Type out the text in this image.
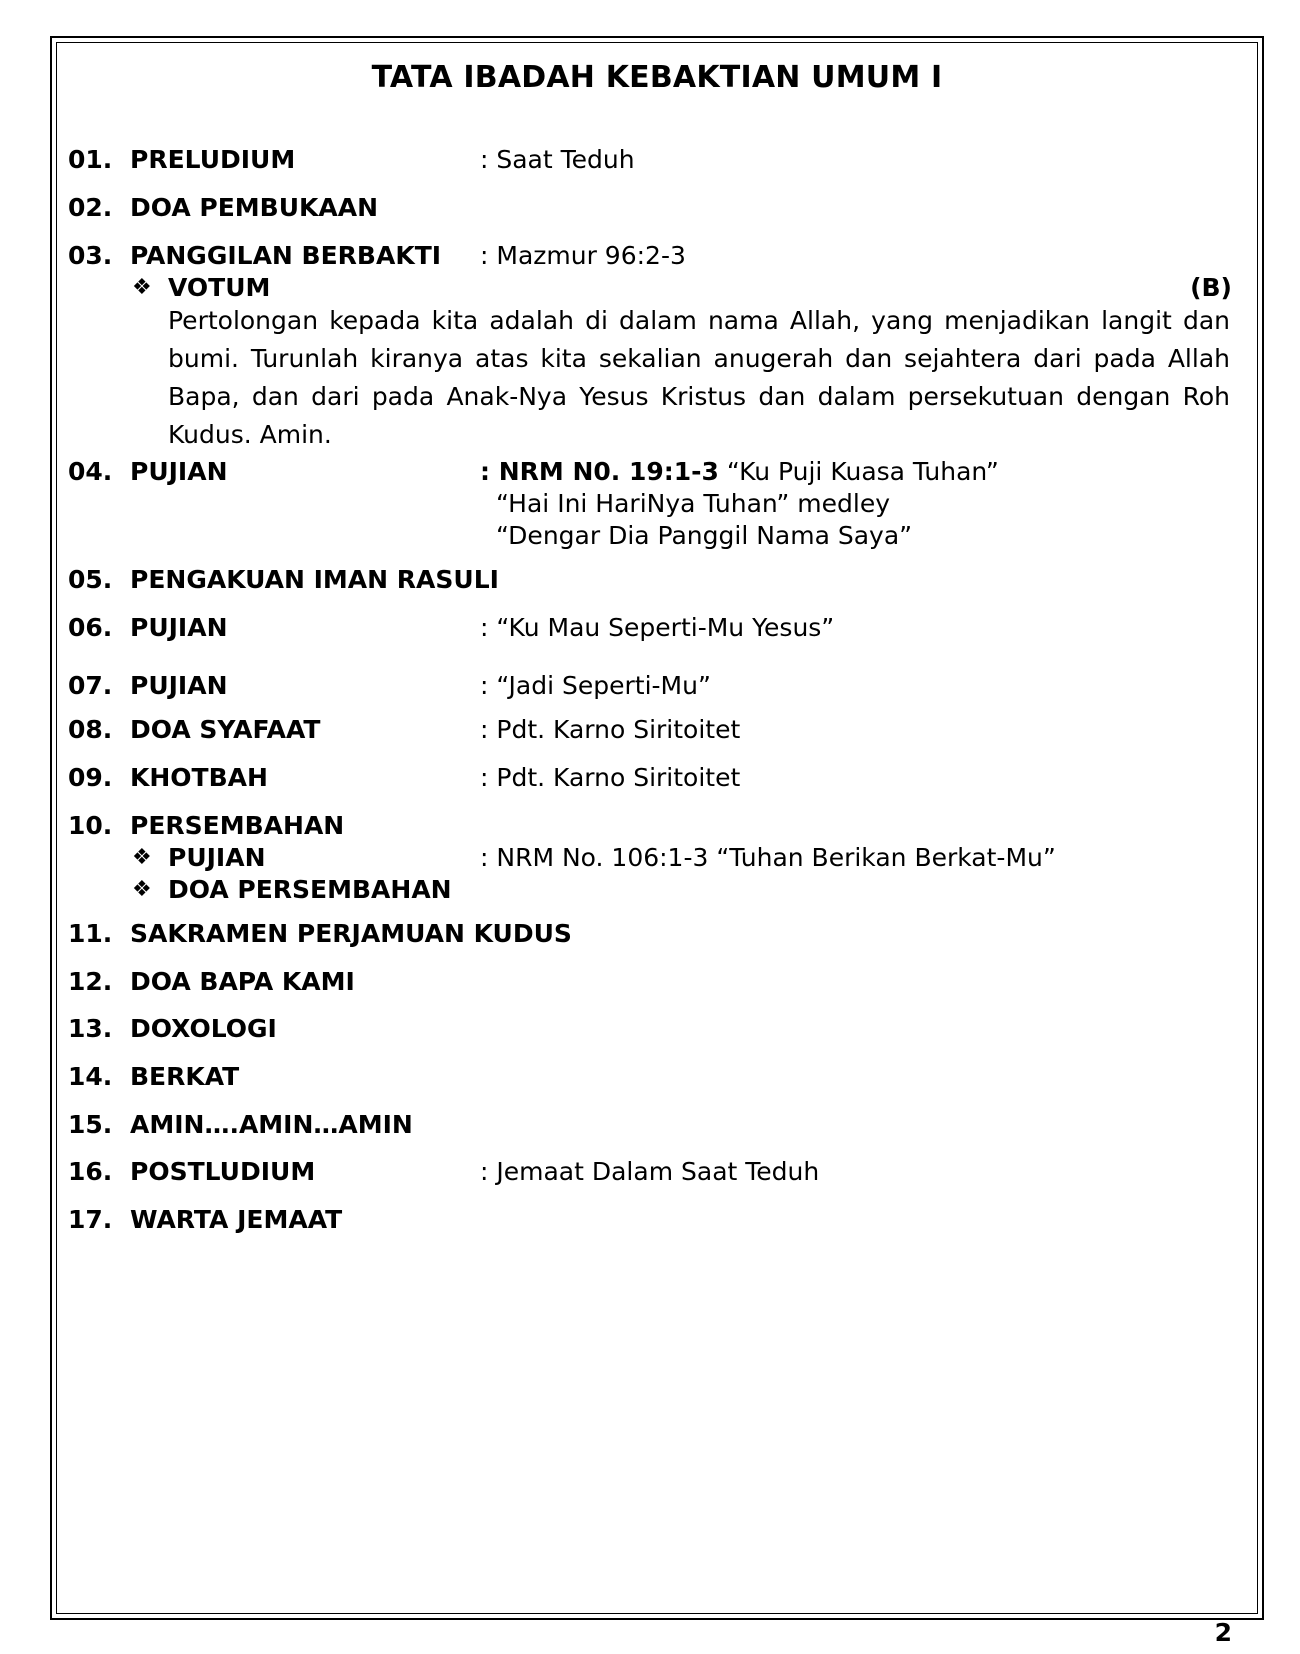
TATA IBADAH KEBAKTIAN UMUM I
01. PRELUDIUM	: Saat Teduh
02. DOA PEMBUKAAN
03. PANGGILAN BERBAKTI : Mazmur 96:2-3
❖ VOTUM	(B)
Pertolongan kepada kita adalah di dalam nama Allah, yang menjadikan langit dan bumi. Turunlah kiranya atas kita sekalian anugerah dan sejahtera dari pada Allah Bapa, dan dari pada Anak-Nya Yesus Kristus dan dalam persekutuan dengan Roh Kudus. Amin.
04. PUJIAN	: NRM N0. 19:1-3 “Ku Puji Kuasa Tuhan”
“Hai Ini HariNya Tuhan” medley
“Dengar Dia Panggil Nama Saya”
05. PENGAKUAN IMAN RASULI
06. PUJIAN	: “Ku Mau Seperti-Mu Yesus”
07. PUJIAN	: “Jadi Seperti-Mu”
08. DOA SYAFAAT	: Pdt. Karno Siritoitet
09. KHOTBAH	: Pdt. Karno Siritoitet
10. PERSEMBAHAN
❖ PUJIAN	: NRM No. 106:1-3 “Tuhan Berikan Berkat-Mu”
❖ DOA PERSEMBAHAN
11. SAKRAMEN PERJAMUAN KUDUS
12. DOA BAPA KAMI
13. DOXOLOGI
14. BERKAT
15. AMIN….AMIN…AMIN
16. POSTLUDIUM	: Jemaat Dalam Saat Teduh
17. WARTA JEMAAT
2
